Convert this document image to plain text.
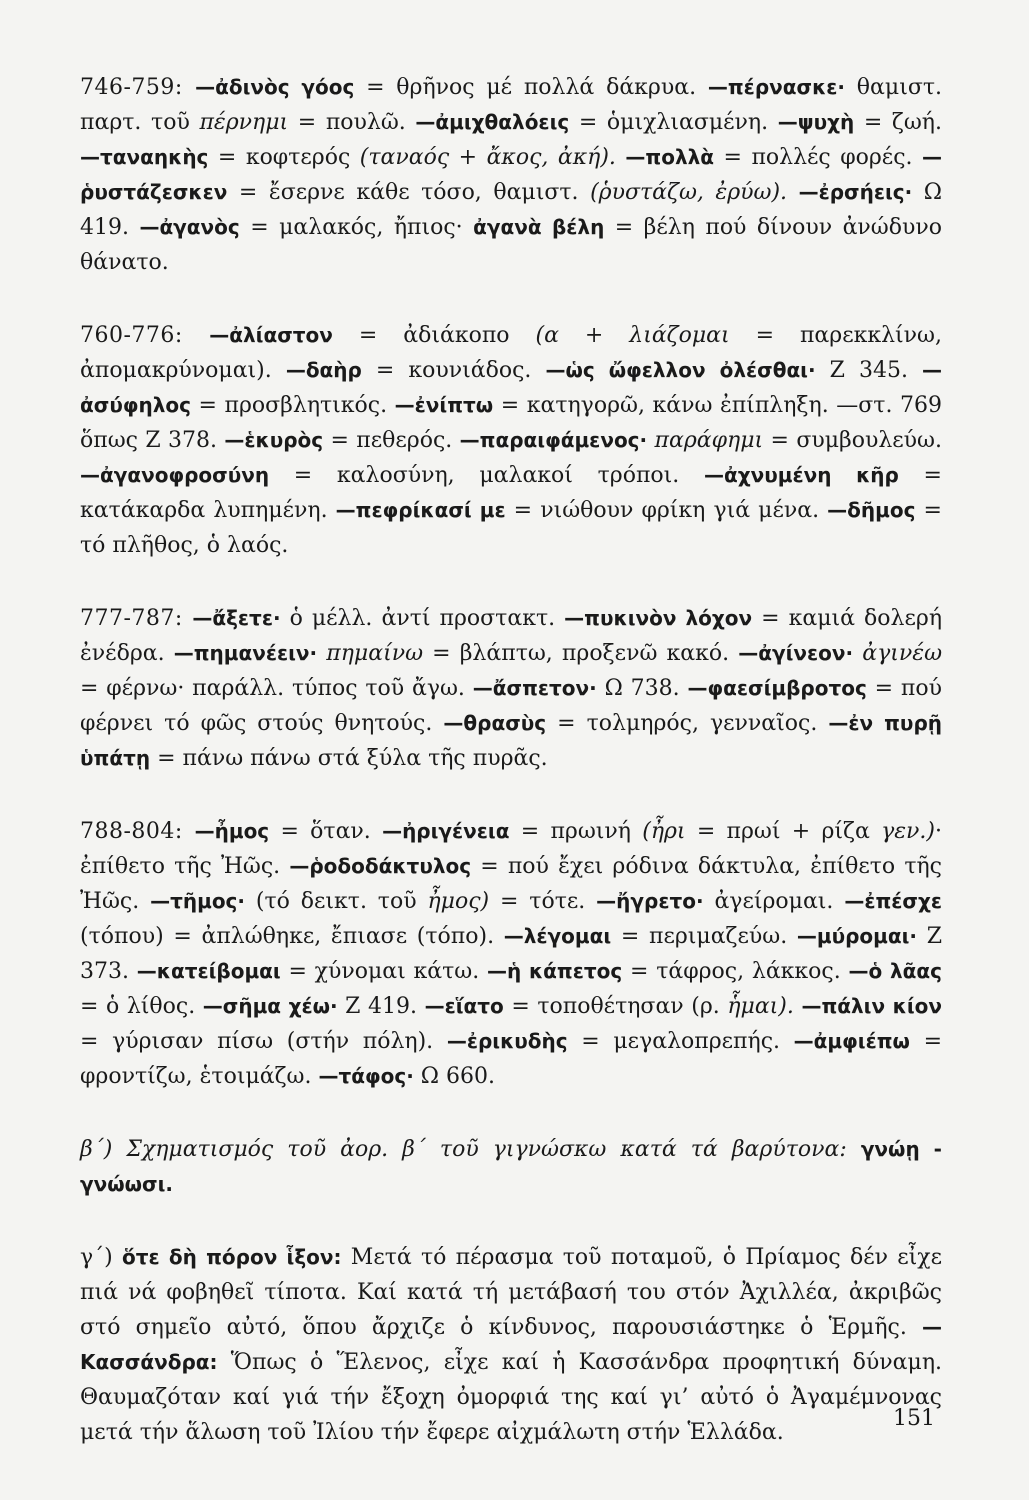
746-759: —ἀδινὸς γόος = θρῆνος μέ πολλά δάκρυα. —πέρνασκε· θαμιστ. παρτ. τοῦ πέρνημι = πουλῶ. —ἀμιχθαλόεις = ὁμιχλιασμένη. —ψυχὴ = ζωή. —ταναηκὴς = κοφτερός (ταναός + ἄκος, ἀκή). —πολλὰ = πολλές φορές. —ῥυστάζεσκεν = ἔσερνε κάθε τόσο, θαμιστ. (ῥυστάζω, ἐρύω). —ἐρσήεις· Ω 419. —ἀγανὸς = μαλακός, ἤπιος· ἀγανὰ βέλη = βέλη πού δίνουν ἀνώδυνο θάνατο.

760-776: —ἀλίαστον = ἀδιάκοπο (α + λιάζομαι = παρεκκλίνω, ἀπομακρύνομαι). —δαὴρ = κουνιάδος. —ὡς ὤφελλον ὀλέσθαι· Ζ 345. —ἀσύφηλος = προσβλητικός. —ἐνίπτω = κατηγορῶ, κάνω ἐπίπληξη. —στ. 769 ὅπως Ζ 378. —ἑκυρὸς = πεθερός. —παραιφάμενος· παράφημι = συμβουλεύω. —ἀγανοφροσύνη = καλοσύνη, μαλακοί τρόποι. —ἀχνυμένη κῆρ = κατάκαρδα λυπημένη. —πεφρίκασί με = νιώθουν φρίκη γιά μένα. —δῆμος = τό πλῆθος, ὁ λαός.

777-787: —ἄξετε· ὁ μέλλ. ἀντί προστακτ. —πυκινὸν λόχον = καμιά δολερή ἐνέδρα. —πημανέειν· πημαίνω = βλάπτω, προξενῶ κακό. —ἀγίνεον· ἀγινέω = φέρνω· παράλλ. τύπος τοῦ ἄγω. —ἄσπετον· Ω 738. —φαεσίμβροτος = πού φέρνει τό φῶς στούς θνητούς. —θρασὺς = τολμηρός, γενναῖος. —ἐν πυρῇ ὑπάτῃ = πάνω πάνω στά ξύλα τῆς πυρᾶς.

788-804: —ἦμος = ὅταν. —ἠριγένεια = πρωινή (ἦρι = πρωί + ρίζα γεν.)· ἐπίθετο τῆς Ἠῶς. —ῥοδοδάκτυλος = πού ἔχει ρόδινα δάκτυλα, ἐπίθετο τῆς Ἠῶς. —τῆμος· (τό δεικτ. τοῦ ἦμος) = τότε. —ἤγρετο· ἀγείρομαι. —ἐπέσχε (τόπου) = ἀπλώθηκε, ἔπιασε (τόπο). —λέγομαι = περιμαζεύω. —μύρομαι· Ζ 373. —κατείβομαι = χύνομαι κάτω. —ἡ κάπετος = τάφρος, λάκκος. —ὁ λᾶας = ὁ λίθος. —σῆμα χέω· Ζ 419. —εἵατο = τοποθέτησαν (ρ. ἧμαι). —πάλιν κίον = γύρισαν πίσω (στήν πόλη). —ἐρικυδὴς = μεγαλοπρεπής. —ἀμφιέπω = φροντίζω, ἑτοιμάζω. —τάφος· Ω 660.

β΄) Σχηματισμός τοῦ ἀορ. β΄ τοῦ γιγνώσκω κατά τά βαρύτονα: γνώῃ - γνώωσι.

γ΄) ὅτε δὴ πόρον ἷξον: Μετά τό πέρασμα τοῦ ποταμοῦ, ὁ Πρίαμος δέν εἶχε πιά νά φοβηθεῖ τίποτα. Καί κατά τή μετάβασή του στόν Ἀχιλλέα, ἀκριβῶς στό σημεῖο αὐτό, ὅπου ἄρχιζε ὁ κίνδυνος, παρουσιάστηκε ὁ Ἑρμῆς. —Κασσάνδρα: Ὅπως ὁ Ἕλενος, εἶχε καί ἡ Κασσάνδρα προφητική δύναμη. Θαυμαζόταν καί γιά τήν ἔξοχη ὀμορφιά της καί γι’ αὐτό ὁ Ἀγαμέμνονας μετά τήν ἅλωση τοῦ Ἰλίου τήν ἔφερε αἰχμάλωτη στήν Ἑλλάδα.

151
